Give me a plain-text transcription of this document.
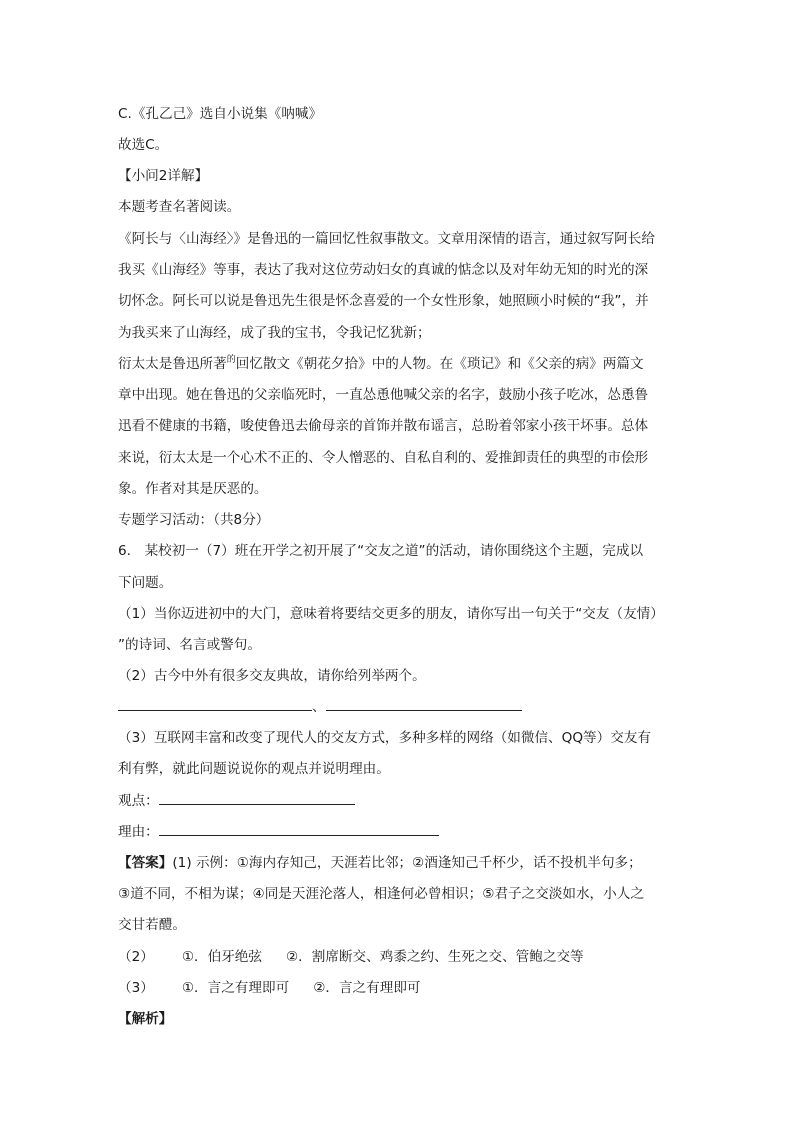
C.《孔乙己》选自小说集《呐喊》
故选C。
【小问2详解】
本题考查名著阅读。
《阿长与〈山海经〉》是鲁迅的一篇回忆性叙事散文。文章用深情的语言，通过叙写阿长给
我买《山海经》等事，表达了我对这位劳动妇女的真诚的惦念以及对年幼无知的时光的深
切怀念。阿长可以说是鲁迅先生很是怀念喜爱的一个女性形象，她照顾小时候的“我”，并
为我买来了山海经，成了我的宝书，令我记忆犹新；
衍太太是鲁迅所著$^的$回忆散文《朝花夕拾》中的人物。在《琐记》和《父亲的病》两篇文
章中出现。她在鲁迅的父亲临死时，一直怂恿他喊父亲的名字，鼓励小孩子吃冰，怂恿鲁
迅看不健康的书籍，唆使鲁迅去偷母亲的首饰并散布谣言，总盼着邻家小孩干坏事。总体
来说，衍太太是一个心术不正的、令人憎恶的、自私自利的、爱推卸责任的典型的市侩形
象。作者对其是厌恶的。
专题学习活动：（共8分）
6.　某校初一（7）班在开学之初开展了“交友之道”的活动，请你围绕这个主题，完成以
下问题。
（1）当你迈进初中的大门，意味着将要结交更多的朋友，请你写出一句关于“交友（友情）
”的诗词、名言或警句。
（2）古今中外有很多交友典故，请你给列举两个。
、
（3）互联网丰富和改变了现代人的交友方式，多种多样的网络（如微信、QQ等）交友有
利有弊，就此问题说说你的观点并说明理由。
观点：
理由：
【答案】(1) 示例：①海内存知己，天涯若比邻；②酒逢知己千杯少，话不投机半句多；
③道不同，不相为谋；④同是天涯沦落人，相逢何必曾相识；⑤君子之交淡如水，小人之
交甘若醴。
（2） ①．伯牙绝弦 ②．割席断交、鸡黍之约、生死之交、管鲍之交等
（3） ①．言之有理即可 ②．言之有理即可
【解析】
